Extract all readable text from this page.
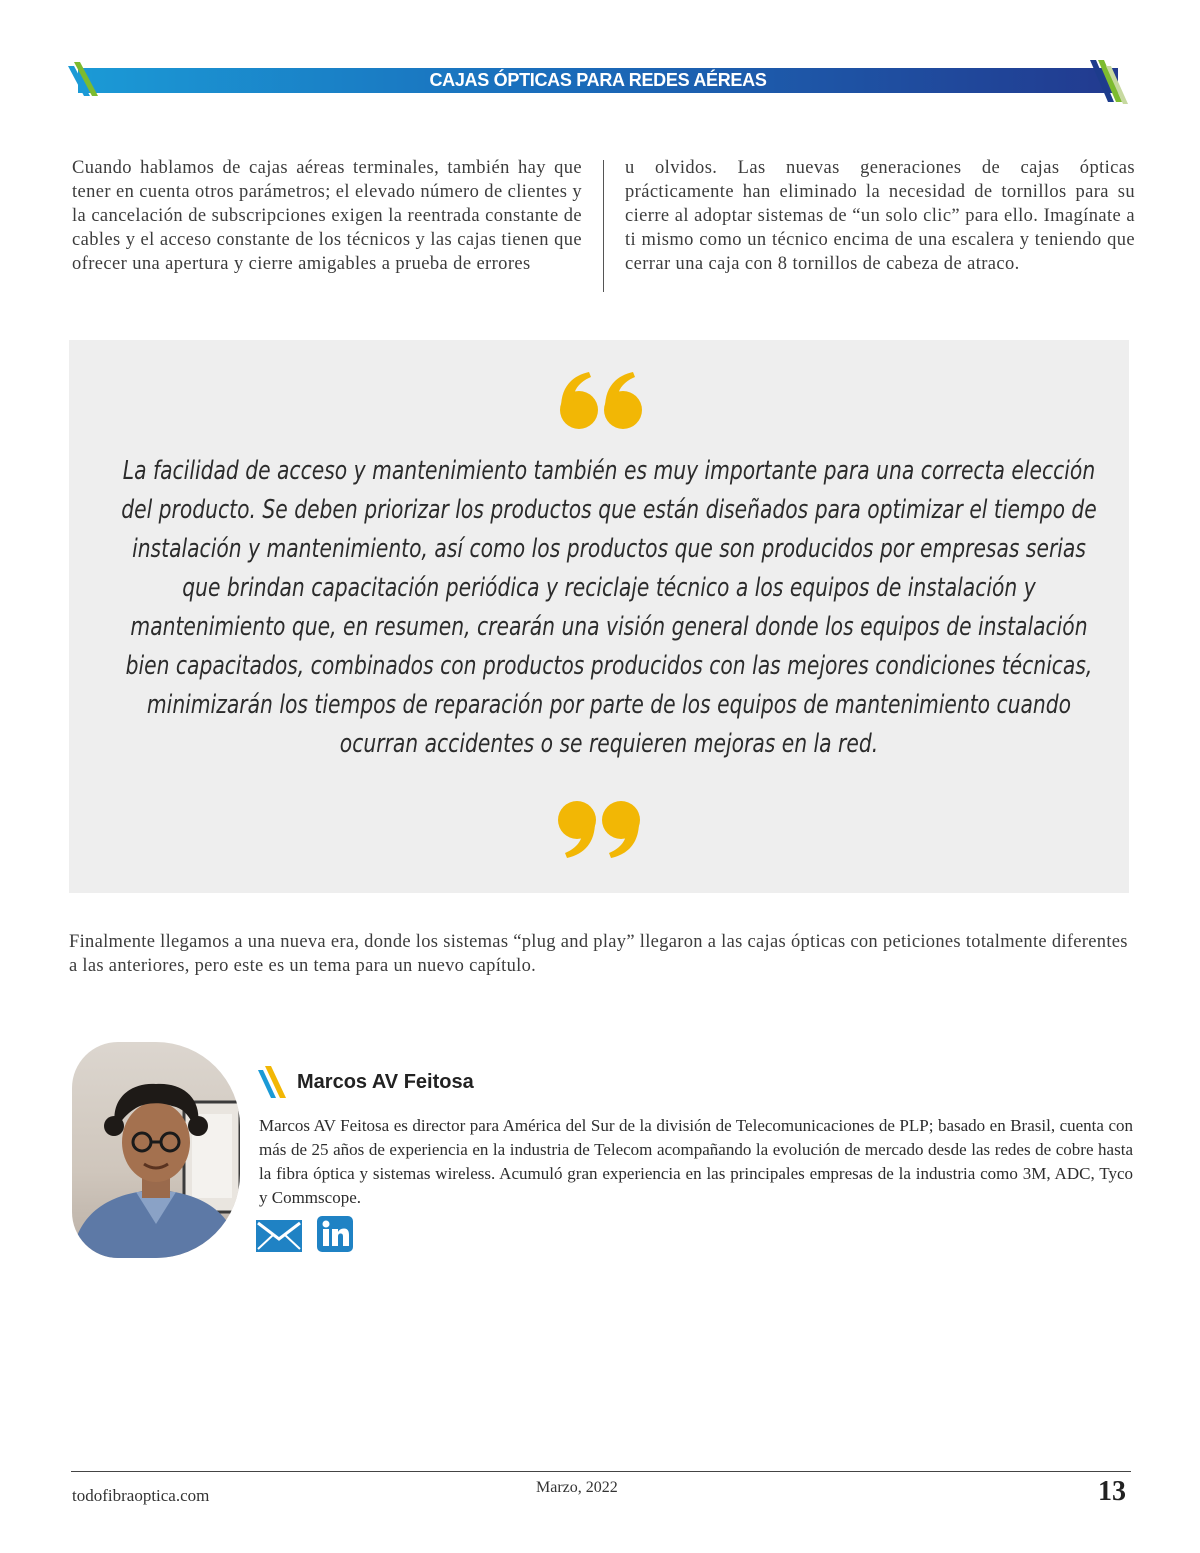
CAJAS ÓPTICAS PARA REDES AÉREAS
Cuando hablamos de cajas aéreas terminales, también hay que tener en cuenta otros parámetros; el elevado número de clientes y la cancelación de subscripciones exigen la reentrada constante de cables y el acceso constante de los técnicos y las cajas tienen que ofrecer una apertura y cierre amigables a prueba de errores
u olvidos. Las nuevas generaciones de cajas ópticas prácticamente han eliminado la necesidad de tornillos para su cierre al adoptar sistemas de “un solo clic” para ello. Imagínate a ti mismo como un técnico encima de una escalera y teniendo que cerrar una caja con 8 tornillos de cabeza de atraco.
La facilidad de acceso y mantenimiento también es muy importante para una correcta elección del producto. Se deben priorizar los productos que están diseñados para optimizar el tiempo de instalación y mantenimiento, así como los productos que son producidos por empresas serias que brindan capacitación periódica y reciclaje técnico a los equipos de instalación y mantenimiento que, en resumen, crearán una visión general donde los equipos de instalación bien capacitados, combinados con productos producidos con las mejores condiciones técnicas, minimizarán los tiempos de reparación por parte de los equipos de mantenimiento cuando ocurran accidentes o se requieren mejoras en la red.
Finalmente llegamos a una nueva era, donde los sistemas “plug and play” llegaron a las cajas ópticas con peticiones totalmente diferentes a las anteriores, pero este es un tema para un nuevo capítulo.
Marcos AV Feitosa
Marcos AV Feitosa es director para América del Sur de la división de Telecomunicaciones de PLP; basado en Brasil, cuenta con más de 25 años de experiencia en la industria de Telecom acompañando la evolución de mercado desde las redes de cobre hasta la fibra óptica y sistemas wireless. Acumuló gran experiencia en las principales empresas de la industria como 3M, ADC, Tyco y Commscope.
todofibraoptica.com	Marzo, 2022	13
